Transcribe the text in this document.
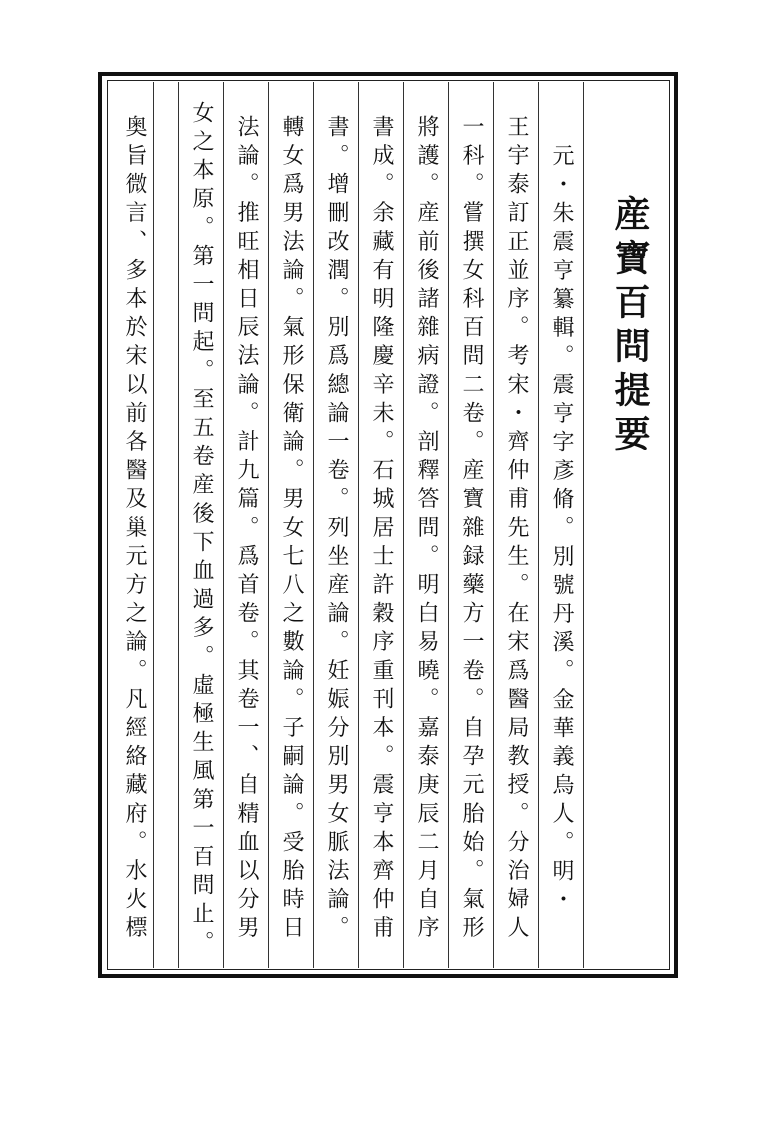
産寶百問提要
元・朱震亨纂輯。震亨字彥脩。別號丹溪。金華義烏人。明・
王宇泰訂正並序。考宋・齊仲甫先生。在宋爲醫局教授。分治婦人
一科。嘗撰女科百問二卷。産寶雜録藥方一卷。自孕元胎始。氣形
將護。産前後諸雜病證。剖釋答問。明白易曉。嘉泰庚辰二月自序
書成。余藏有明隆慶辛未。石城居士許穀序重刊本。震亨本齊仲甫
書。增刪改潤。別爲總論一卷。列坐産論。妊娠分別男女脈法論。
轉女爲男法論。氣形保衛論。男女七八之數論。子嗣論。受胎時日
法論。推旺相日辰法論。計九篇。爲首卷。其卷一、自精血以分男
女之本原。第一問起。至五卷産後下血過多。虛極生風第一百問止。
奥旨微言、多本於宋以前各醫及巢元方之論。凡經絡藏府。水火標
